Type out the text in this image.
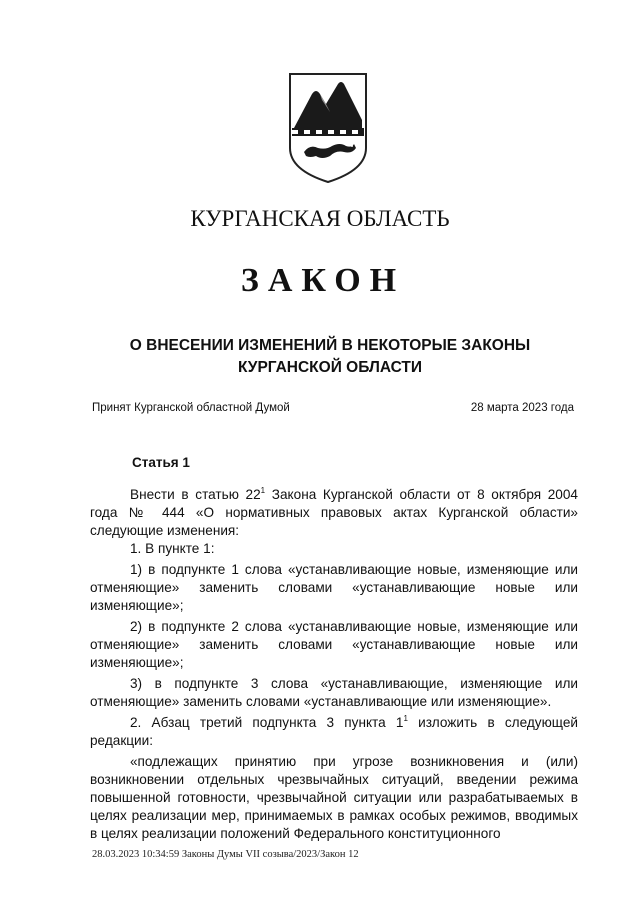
КУРГАНСКАЯ ОБЛАСТЬ
ЗАКОН
О ВНЕСЕНИИ ИЗМЕНЕНИЙ В НЕКОТОРЫЕ ЗАКОНЫ
КУРГАНСКОЙ ОБЛАСТИ
Принят Курганской областной Думой	28 марта 2023 года
Статья 1

Внести в статью $22^1$ Закона Курганской области от 8 октября 2004 года № 444 «О нормативных правовых актах Курганской области» следующие изменения:

1. В пункте 1:

1) в подпункте 1 слова «устанавливающие новые, изменяющие или отменяющие» заменить словами «устанавливающие новые или изменяющие»;

2) в подпункте 2 слова «устанавливающие новые, изменяющие или отменяющие» заменить словами «устанавливающие новые или изменяющие»;

3) в подпункте 3 слова «устанавливающие, изменяющие или отменяющие» заменить словами «устанавливающие или изменяющие».

2. Абзац третий подпункта 3 пункта $1^1$ изложить в следующей редакции:

«подлежащих принятию при угрозе возникновения и (или) возникновении отдельных чрезвычайных ситуаций, введении режима повышенной готовности, чрезвычайной ситуации или разрабатываемых в целях реализации мер, принимаемых в рамках особых режимов, вводимых в целях реализации положений Федерального конституционного

28.03.2023 10:34:59 Законы Думы VII созыва/2023/Закон 12
